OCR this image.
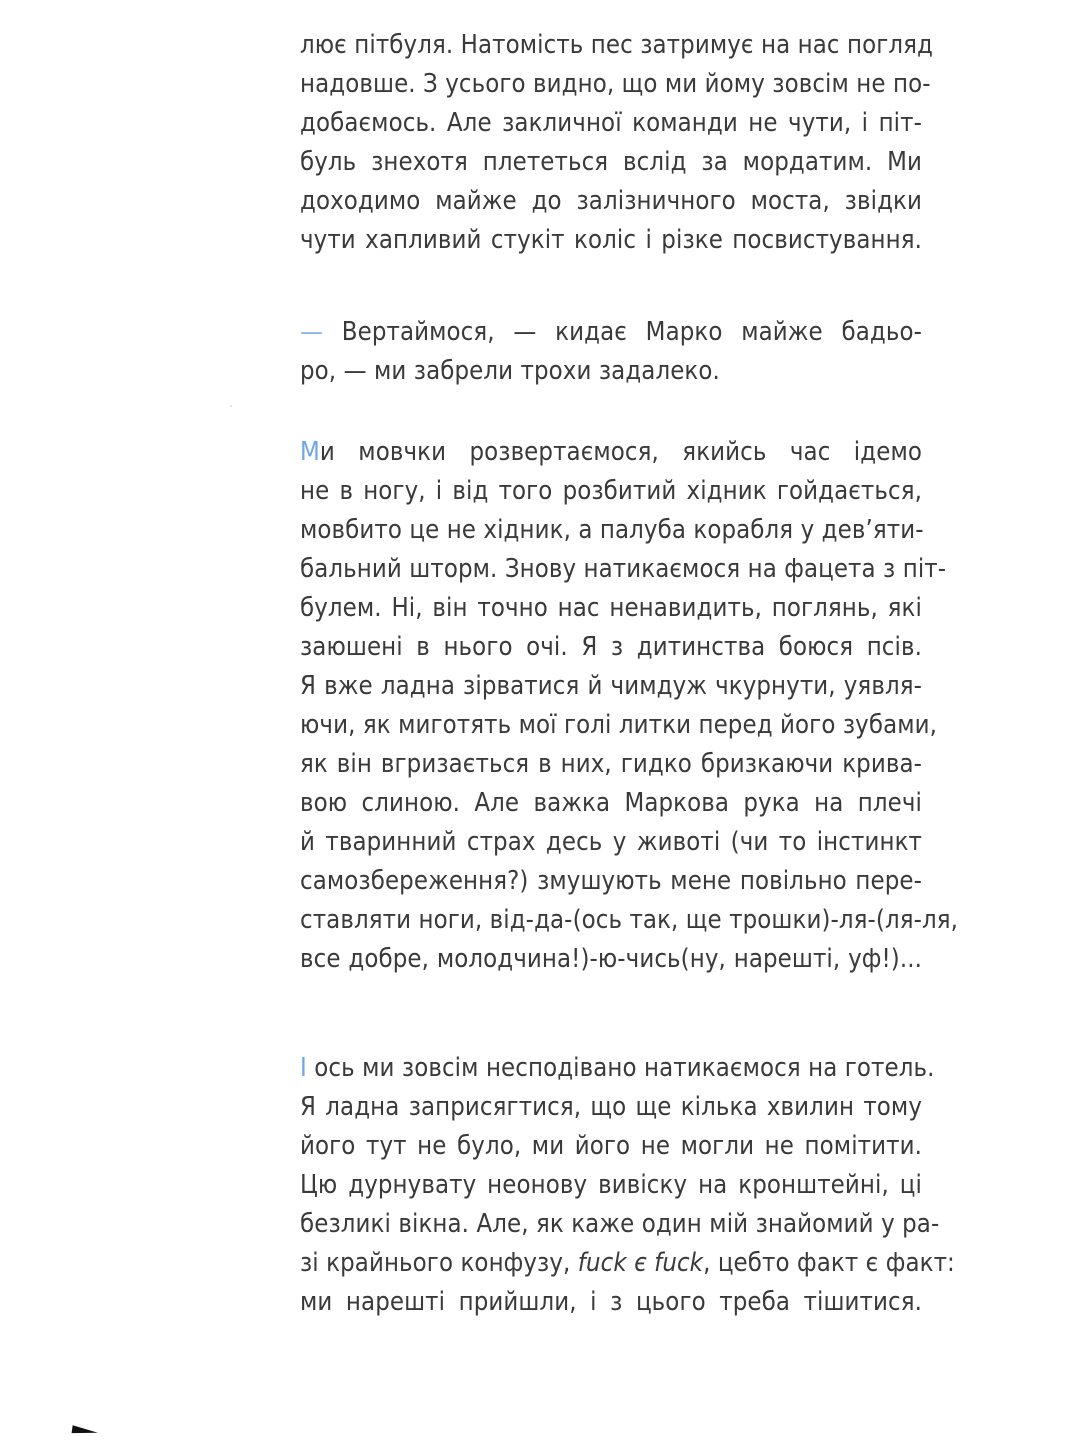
лює пітбуля. Натомість пес затримує на нас погляд
надовше. З усього видно, що ми йому зовсім не по-
добаємось. Але закличної команди не чути, і піт-
буль знехотя плететься вслід за мордатим. Ми
доходимо майже до залізничного моста, звідки
чути хапливий стукіт коліс і різке посвистування.
— Вертаймося, — кидає Марко майже бадьо-
ро, — ми забрели трохи задалеко.
Ми мовчки розвертаємося, якийсь час ідемо
не в ногу, і від того розбитий хідник гойдається,
мовбито це не хідник, а палуба корабля у дев’яти-
бальний шторм. Знову натикаємося на фацета з піт-
булем. Ні, він точно нас ненавидить, поглянь, які
заюшені в нього очі. Я з дитинства боюся псів.
Я вже ладна зірватися й чимдуж чкурнути, уявля-
ючи, як миготять мої голі литки перед його зубами,
як він вгризається в них, гидко бризкаючи крива-
вою слиною. Але важка Маркова рука на плечі
й тваринний страх десь у животі (чи то інстинкт
самозбереження?) змушують мене повільно пере-
ставляти ноги, від-да-(ось так, ще трошки)-ля-(ля-ля,
все добре, молодчина!)-ю-чись(ну, нарешті, уф!)...
І ось ми зовсім несподівано натикаємося на готель.
Я ладна заприсягтися, що ще кілька хвилин тому
його тут не було, ми його не могли не помітити.
Цю дурнувату неонову вивіску на кронштейні, ці
безликі вікна. Але, як каже один мій знайомий у ра-
зі крайнього конфузу, fuck є fuck, цебто факт є факт:
ми нарешті прийшли, і з цього треба тішитися.
